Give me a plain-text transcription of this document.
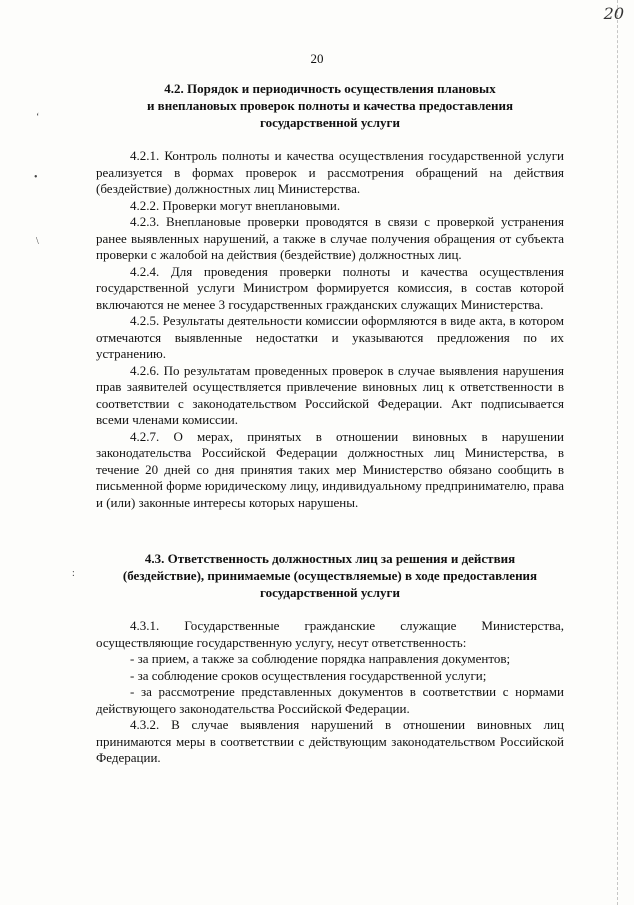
20
‘
•
\
:
20

4.2. Порядок и периодичность осуществления плановых

и внеплановых проверок полноты и качества предоставления

государственной услуги

4.2.1. Контроль полноты и качества осуществления государственной услуги реализуется в формах проверок и рассмотрения обращений на действия (бездействие) должностных лиц Министерства.

4.2.2. Проверки могут внеплановыми.

4.2.3. Внеплановые проверки проводятся в связи с проверкой устранения ранее выявленных нарушений, а также в случае получения обращения от субъекта проверки с жалобой на действия (бездействие) должностных лиц.

4.2.4. Для проведения проверки полноты и качества осуществления государственной услуги Министром формируется комиссия, в состав которой включаются не менее 3 государственных гражданских служащих Министерства.

4.2.5. Результаты деятельности комиссии оформляются в виде акта, в котором отмечаются выявленные недостатки и указываются предложения по их устранению.

4.2.6. По результатам проведенных проверок в случае выявления нарушения прав заявителей осуществляется привлечение виновных лиц к ответственности в соответствии с законодательством Российской Федерации. Акт подписывается всеми членами комиссии.

4.2.7. О мерах, принятых в отношении виновных в нарушении законодательства Российской Федерации должностных лиц Министерства, в течение 20 дней со дня принятия таких мер Министерство обязано сообщить в письменной форме юридическому лицу, индивидуальному предпринимателю, права и (или) законные интересы которых нарушены.

4.3. Ответственность должностных лиц за решения и действия

(бездействие), принимаемые (осуществляемые) в ходе предоставления

государственной услуги

4.3.1. Государственные гражданские служащие Министерства, осуществляющие государственную услугу, несут ответственность:

- за прием, а также за соблюдение порядка направления документов;

- за соблюдение сроков осуществления государственной услуги;

- за рассмотрение представленных документов в соответствии с нормами действующего законодательства Российской Федерации.

4.3.2. В случае выявления нарушений в отношении виновных лиц принимаются меры в соответствии с действующим законодательством Российской Федерации.
